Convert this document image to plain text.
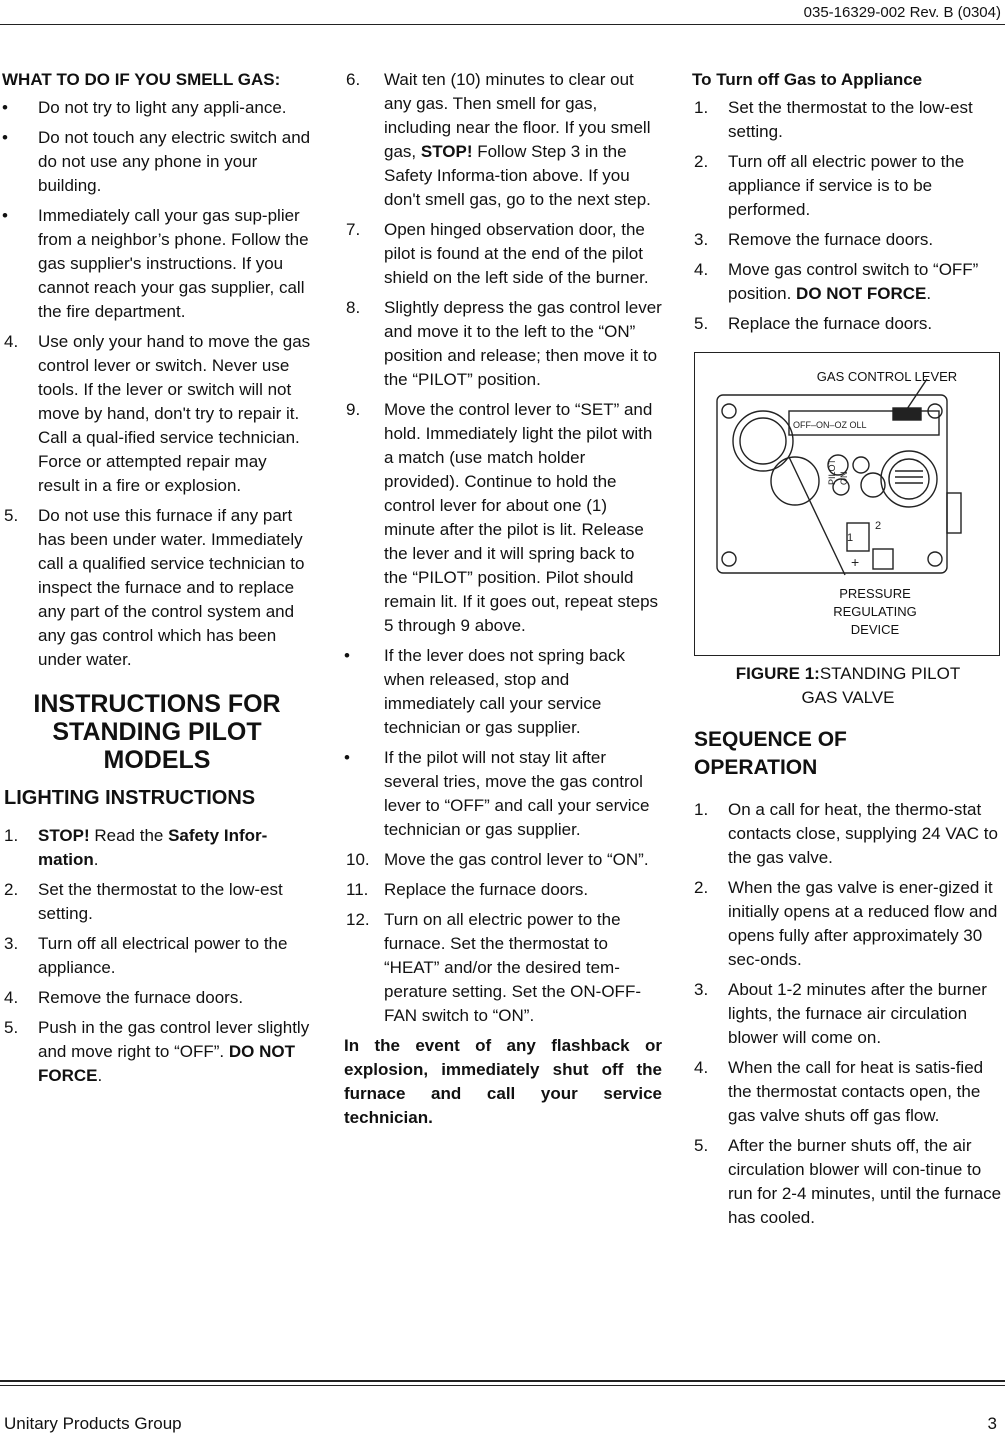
035-16329-002 Rev. B (0304)
WHAT TO DO IF YOU SMELL GAS:
• Do not try to light any appli-ance.
• Do not touch any electric switch and do not use any phone in your building.
• Immediately call your gas sup-plier from a neighbor’s phone. Follow the gas supplier's instructions. If you cannot reach your gas supplier, call the fire department.
4. Use only your hand to move the gas control lever or switch. Never use tools. If the lever or switch will not move by hand, don't try to repair it. Call a qual-ified service technician. Force or attempted repair may result in a fire or explosion.
5. Do not use this furnace if any part has been under water. Immediately call a qualified service technician to inspect the furnace and to replace any part of the control system and any gas control which has been under water.
INSTRUCTIONS FOR
STANDING PILOT
MODELS
LIGHTING INSTRUCTIONS
1. STOP! Read the Safety Infor-mation.
2. Set the thermostat to the low-est setting.
3. Turn off all electrical power to the appliance.
4. Remove the furnace doors.
5. Push in the gas control lever slightly and move right to “OFF”. DO NOT FORCE.
6. Wait ten (10) minutes to clear out any gas. Then smell for gas, including near the floor. If you smell gas, STOP! Follow Step 3 in the Safety Informa-tion above. If you don't smell gas, go to the next step.
7. Open hinged observation door, the pilot is found at the end of the pilot shield on the left side of the burner.
8. Slightly depress the gas control lever and move it to the left to the “ON” position and release; then move it to the “PILOT” position.
9. Move the control lever to “SET” and hold. Immediately light the pilot with a match (use match holder provided). Continue to hold the control lever for about one (1) minute after the pilot is lit. Release the lever and it will spring back to the “PILOT” position. Pilot should remain lit. If it goes out, repeat steps 5 through 9 above.
• If the lever does not spring back when released, stop and immediately call your service technician or gas supplier.
• If the pilot will not stay lit after several tries, move the gas control lever to “OFF” and call your service technician or gas supplier.
10. Move the gas control lever to “ON”.
11. Replace the furnace doors.
12. Turn on all electric power to the furnace. Set the thermostat to “HEAT” and/or the desired tem-perature setting. Set the ON-OFF-FAN switch to “ON”.
In the event of any flashback or explosion, immediately shut off the furnace and call your service technician.
To Turn off Gas to Appliance
1. Set the thermostat to the low-est setting.
2. Turn off all electric power to the appliance if service is to be performed.
3. Remove the furnace doors.
4. Move gas control switch to “OFF” position. DO NOT FORCE.
5. Replace the furnace doors.
GAS CONTROL LEVER
OFF–ON–OZ OLL
PILOT ON
1
2
+
PRESSURE
REGULATING
DEVICE
FIGURE 1:STANDING PILOT
GAS VALVE
SEQUENCE OF
OPERATION
1. On a call for heat, the thermo-stat contacts close, supplying 24 VAC to the gas valve.
2. When the gas valve is ener-gized it initially opens at a reduced flow and opens fully after approximately 30 sec-onds.
3. About 1-2 minutes after the burner lights, the furnace air circulation blower will come on.
4. When the call for heat is satis-fied the thermostat contacts open, the gas valve shuts off gas flow.
5. After the burner shuts off, the air circulation blower will con-tinue to run for 2-4 minutes, until the furnace has cooled.
Unitary Products Group	3
